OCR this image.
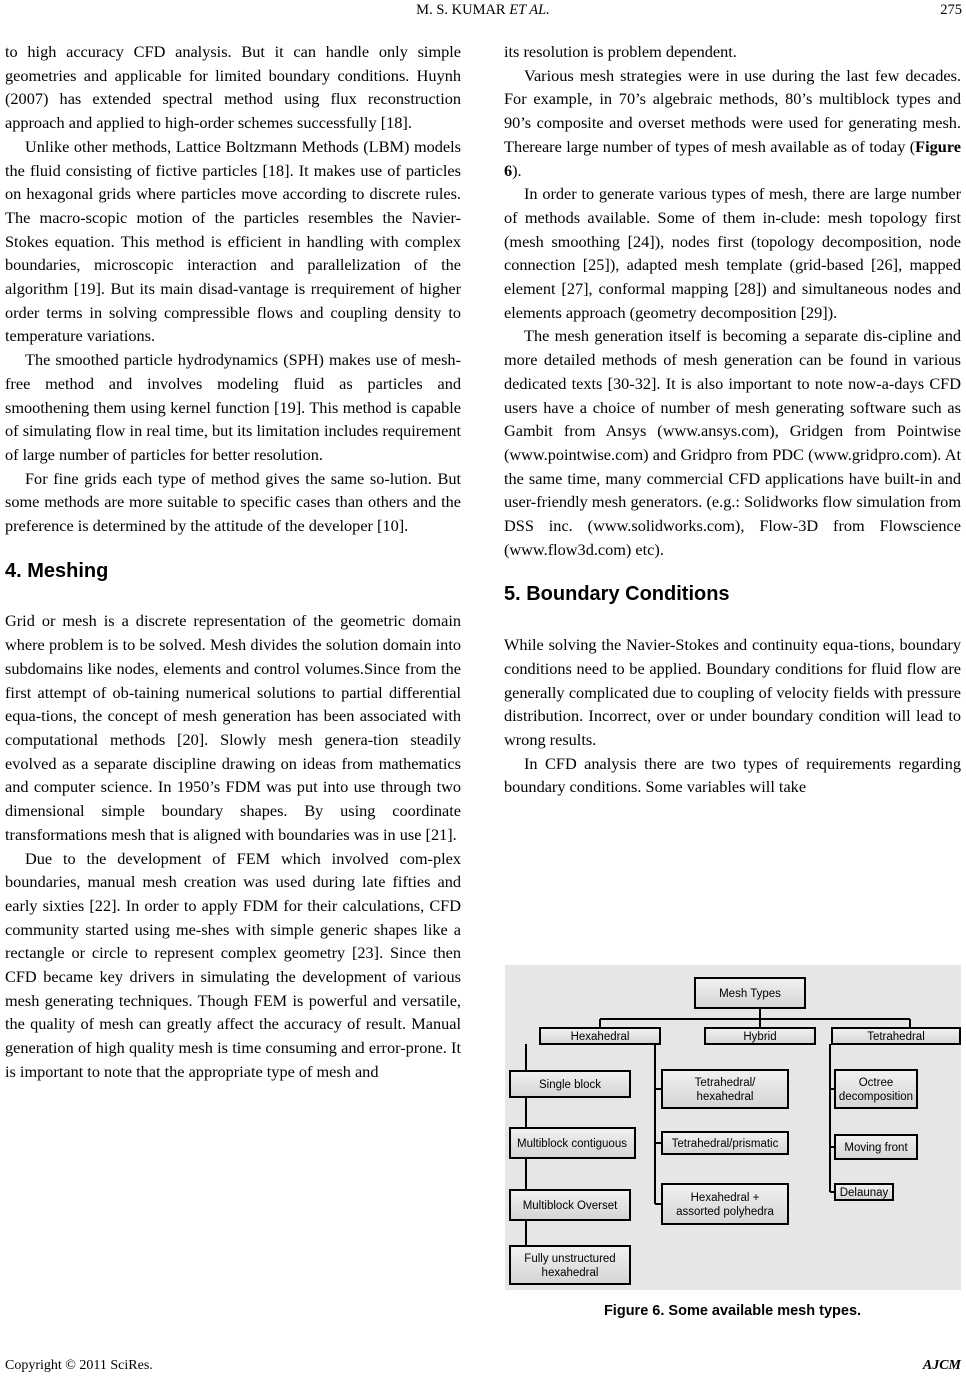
M. S. KUMAR ET AL.	275

to high accuracy CFD analysis. But it can handle only simple geometries and applicable for limited boundary conditions. Huynh (2007) has extended spectral method using flux reconstruction approach and applied to high-order schemes successfully [18].

Unlike other methods, Lattice Boltzmann Methods (LBM) models the fluid consisting of fictive particles [18]. It makes use of particles on hexagonal grids where particles move according to discrete rules. The macro-scopic motion of the particles resembles the Navier-Stokes equation. This method is efficient in handling with complex boundaries, microscopic interaction and parallelization of the algorithm [19]. But its main disad-vantage is rrequirement of higher order terms in solving compressible flows and coupling density to temperature variations.

The smoothed particle hydrodynamics (SPH) makes use of mesh-free method and involves modeling fluid as particles and smoothening them using kernel function [19]. This method is capable of simulating flow in real time, but its limitation includes requirement of large number of particles for better resolution.

For fine grids each type of method gives the same so-lution. But some methods are more suitable to specific cases than others and the preference is determined by the attitude of the developer [10].

4. Meshing

Grid or mesh is a discrete representation of the geometric domain where problem is to be solved. Mesh divides the solution domain into subdomains like nodes, elements and control volumes.Since from the first attempt of ob-taining numerical solutions to partial differential equa-tions, the concept of mesh generation has been associated with computational methods [20]. Slowly mesh genera-tion steadily evolved as a separate discipline drawing on ideas from mathematics and computer science. In 1950’s FDM was put into use through two dimensional simple boundary shapes. By using coordinate transformations mesh that is aligned with boundaries was in use [21].

Due to the development of FEM which involved com-plex boundaries, manual mesh creation was used during late fifties and early sixties [22]. In order to apply FDM for their calculations, CFD community started using me-shes with simple generic shapes like a rectangle or circle to represent complex geometry [23]. Since then CFD became key drivers in simulating the development of various mesh generating techniques. Though FEM is powerful and versatile, the quality of mesh can greatly affect the accuracy of result. Manual generation of high quality mesh is time consuming and error-prone. It is important to note that the appropriate type of mesh and

its resolution is problem dependent.

Various mesh strategies were in use during the last few decades. For example, in 70’s algebraic methods, 80’s multiblock types and 90’s composite and overset methods were used for generating mesh. Thereare large number of types of mesh available as of today (Figure 6).

In order to generate various types of mesh, there are large number of methods available. Some of them in-clude: mesh topology first (mesh smoothing [24]), nodes first (topology decomposition, node connection [25]), adapted mesh template (grid-based [26], mapped element [27], conformal mapping [28]) and simultaneous nodes and elements approach (geometry decomposition [29]).

The mesh generation itself is becoming a separate dis-cipline and more detailed methods of mesh generation can be found in various dedicated texts [30-32]. It is also important to note now-a-days CFD users have a choice of number of mesh generating software such as Gambit from Ansys (www.ansys.com), Gridgen from Pointwise (www.pointwise.com) and Gridpro from PDC (www.gridpro.com). At the same time, many commercial CFD applications have built-in and user-friendly mesh generators. (e.g.: Solidworks flow simulation from DSS inc. (www.solidworks.com), Flow-3D from Flowscience (www.flow3d.com) etc).

5. Boundary Conditions

While solving the Navier-Stokes and continuity equa-tions, boundary conditions need to be applied. Boundary conditions for fluid flow are generally complicated due to coupling of velocity fields with pressure distribution. Incorrect, over or under boundary condition will lead to wrong results.

In CFD analysis there are two types of requirements regarding boundary conditions. Some variables will take

Mesh Types
Hexahedral	Hybrid	Tetrahedral
Single block
Multiblock contiguous
Multiblock Overset
Fully unstructured
hexahedral
Tetrahedral/
hexahedral
Tetrahedral/prismatic
Hexahedral +
assorted polyhedra
Octree
decomposition
Moving front
Delaunay
Figure 6. Some available mesh types.
Copyright © 2011 SciRes.	AJCM
